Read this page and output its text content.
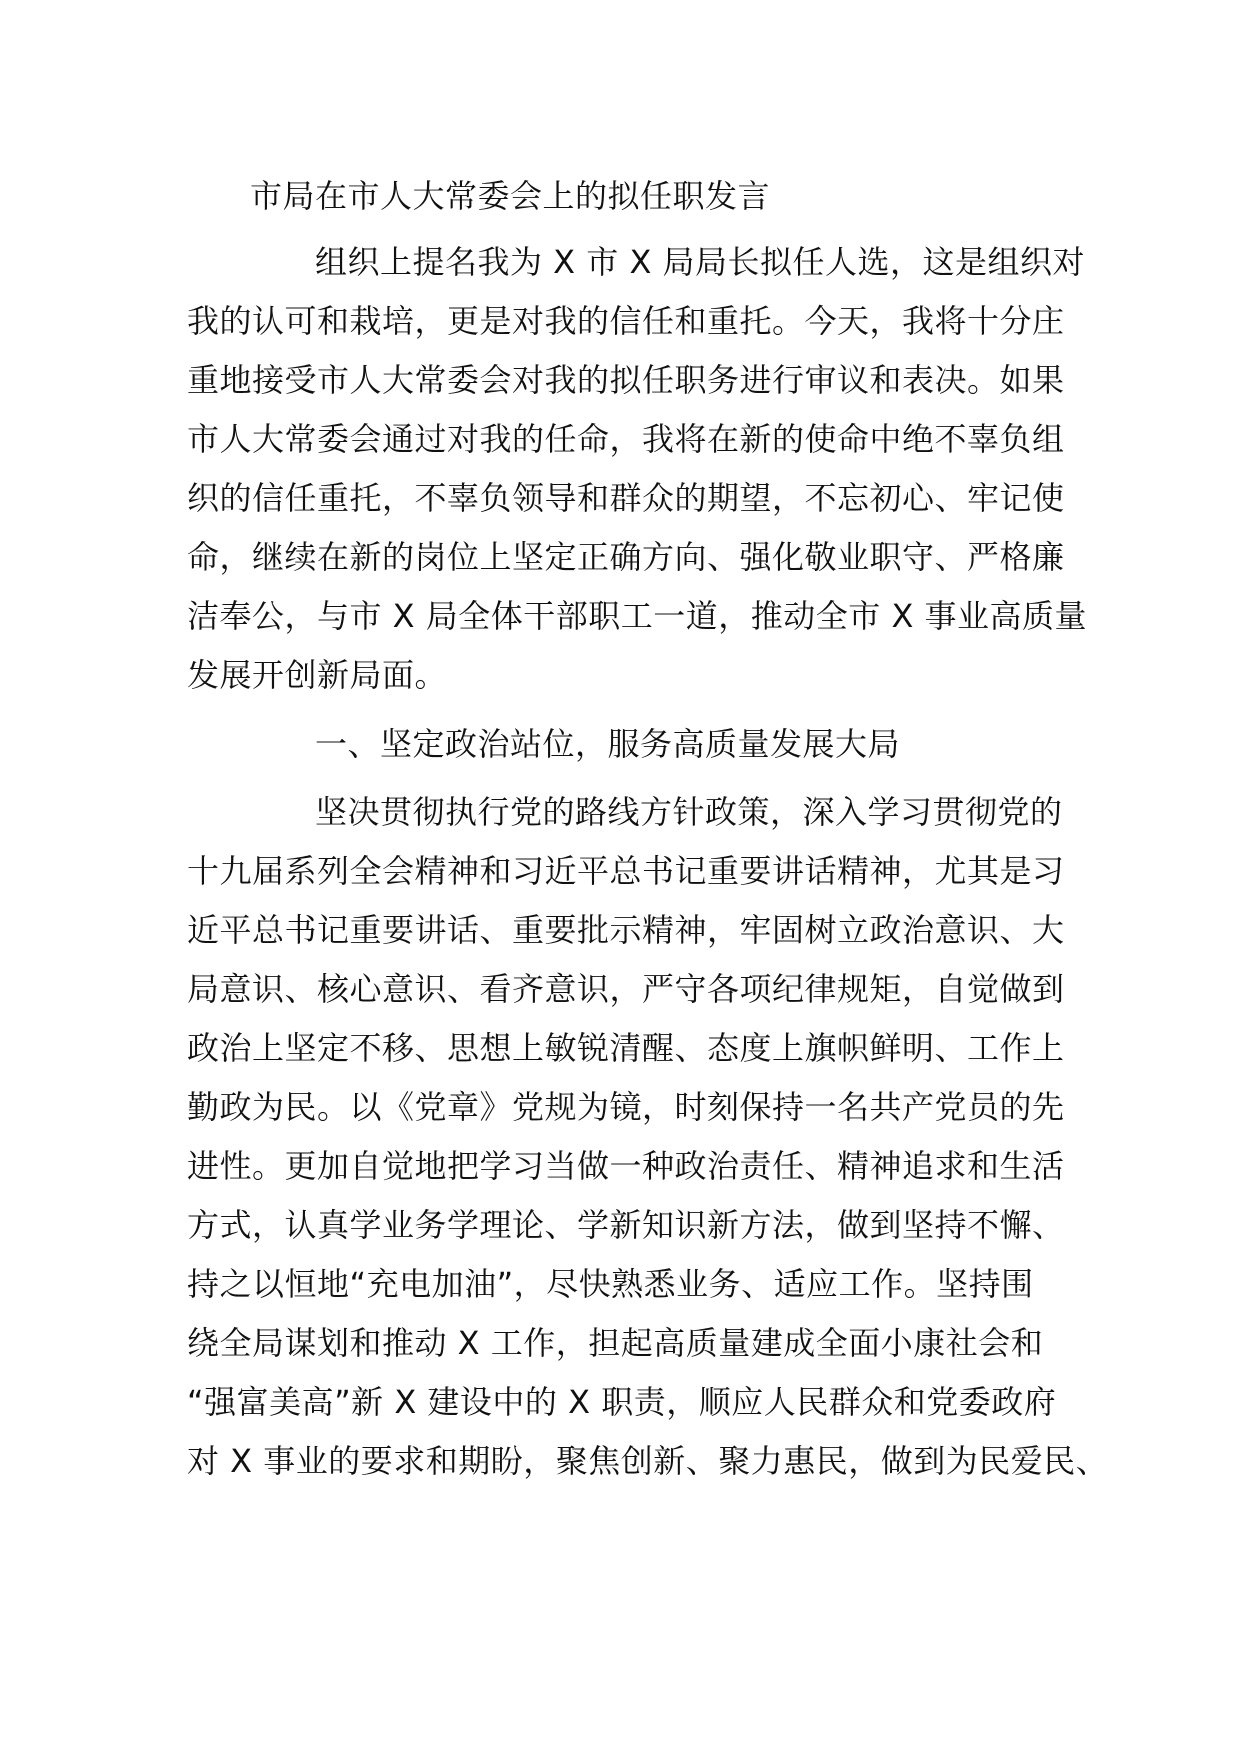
市局在市人大常委会上的拟任职发言
组织上提名我为 X 市 X 局局长拟任人选，这是组织对
我的认可和栽培，更是对我的信任和重托。今天，我将十分庄
重地接受市人大常委会对我的拟任职务进行审议和表决。如果
市人大常委会通过对我的任命，我将在新的使命中绝不辜负组
织的信任重托，不辜负领导和群众的期望，不忘初心、牢记使
命，继续在新的岗位上坚定正确方向、强化敬业职守、严格廉
洁奉公，与市 X 局全体干部职工一道，推动全市 X 事业高质量
发展开创新局面。
一、坚定政治站位，服务高质量发展大局
坚决贯彻执行党的路线方针政策，深入学习贯彻党的
十九届系列全会精神和习近平总书记重要讲话精神，尤其是习
近平总书记重要讲话、重要批示精神，牢固树立政治意识、大
局意识、核心意识、看齐意识，严守各项纪律规矩，自觉做到
政治上坚定不移、思想上敏锐清醒、态度上旗帜鲜明、工作上
勤政为民。以《党章》党规为镜，时刻保持一名共产党员的先
进性。更加自觉地把学习当做一种政治责任、精神追求和生活
方式，认真学业务学理论、学新知识新方法，做到坚持不懈、
持之以恒地“充电加油”，尽快熟悉业务、适应工作。坚持围
绕全局谋划和推动 X 工作，担起高质量建成全面小康社会和
“强富美高”新 X 建设中的 X 职责，顺应人民群众和党委政府
对 X 事业的要求和期盼，聚焦创新、聚力惠民，做到为民爱民、
